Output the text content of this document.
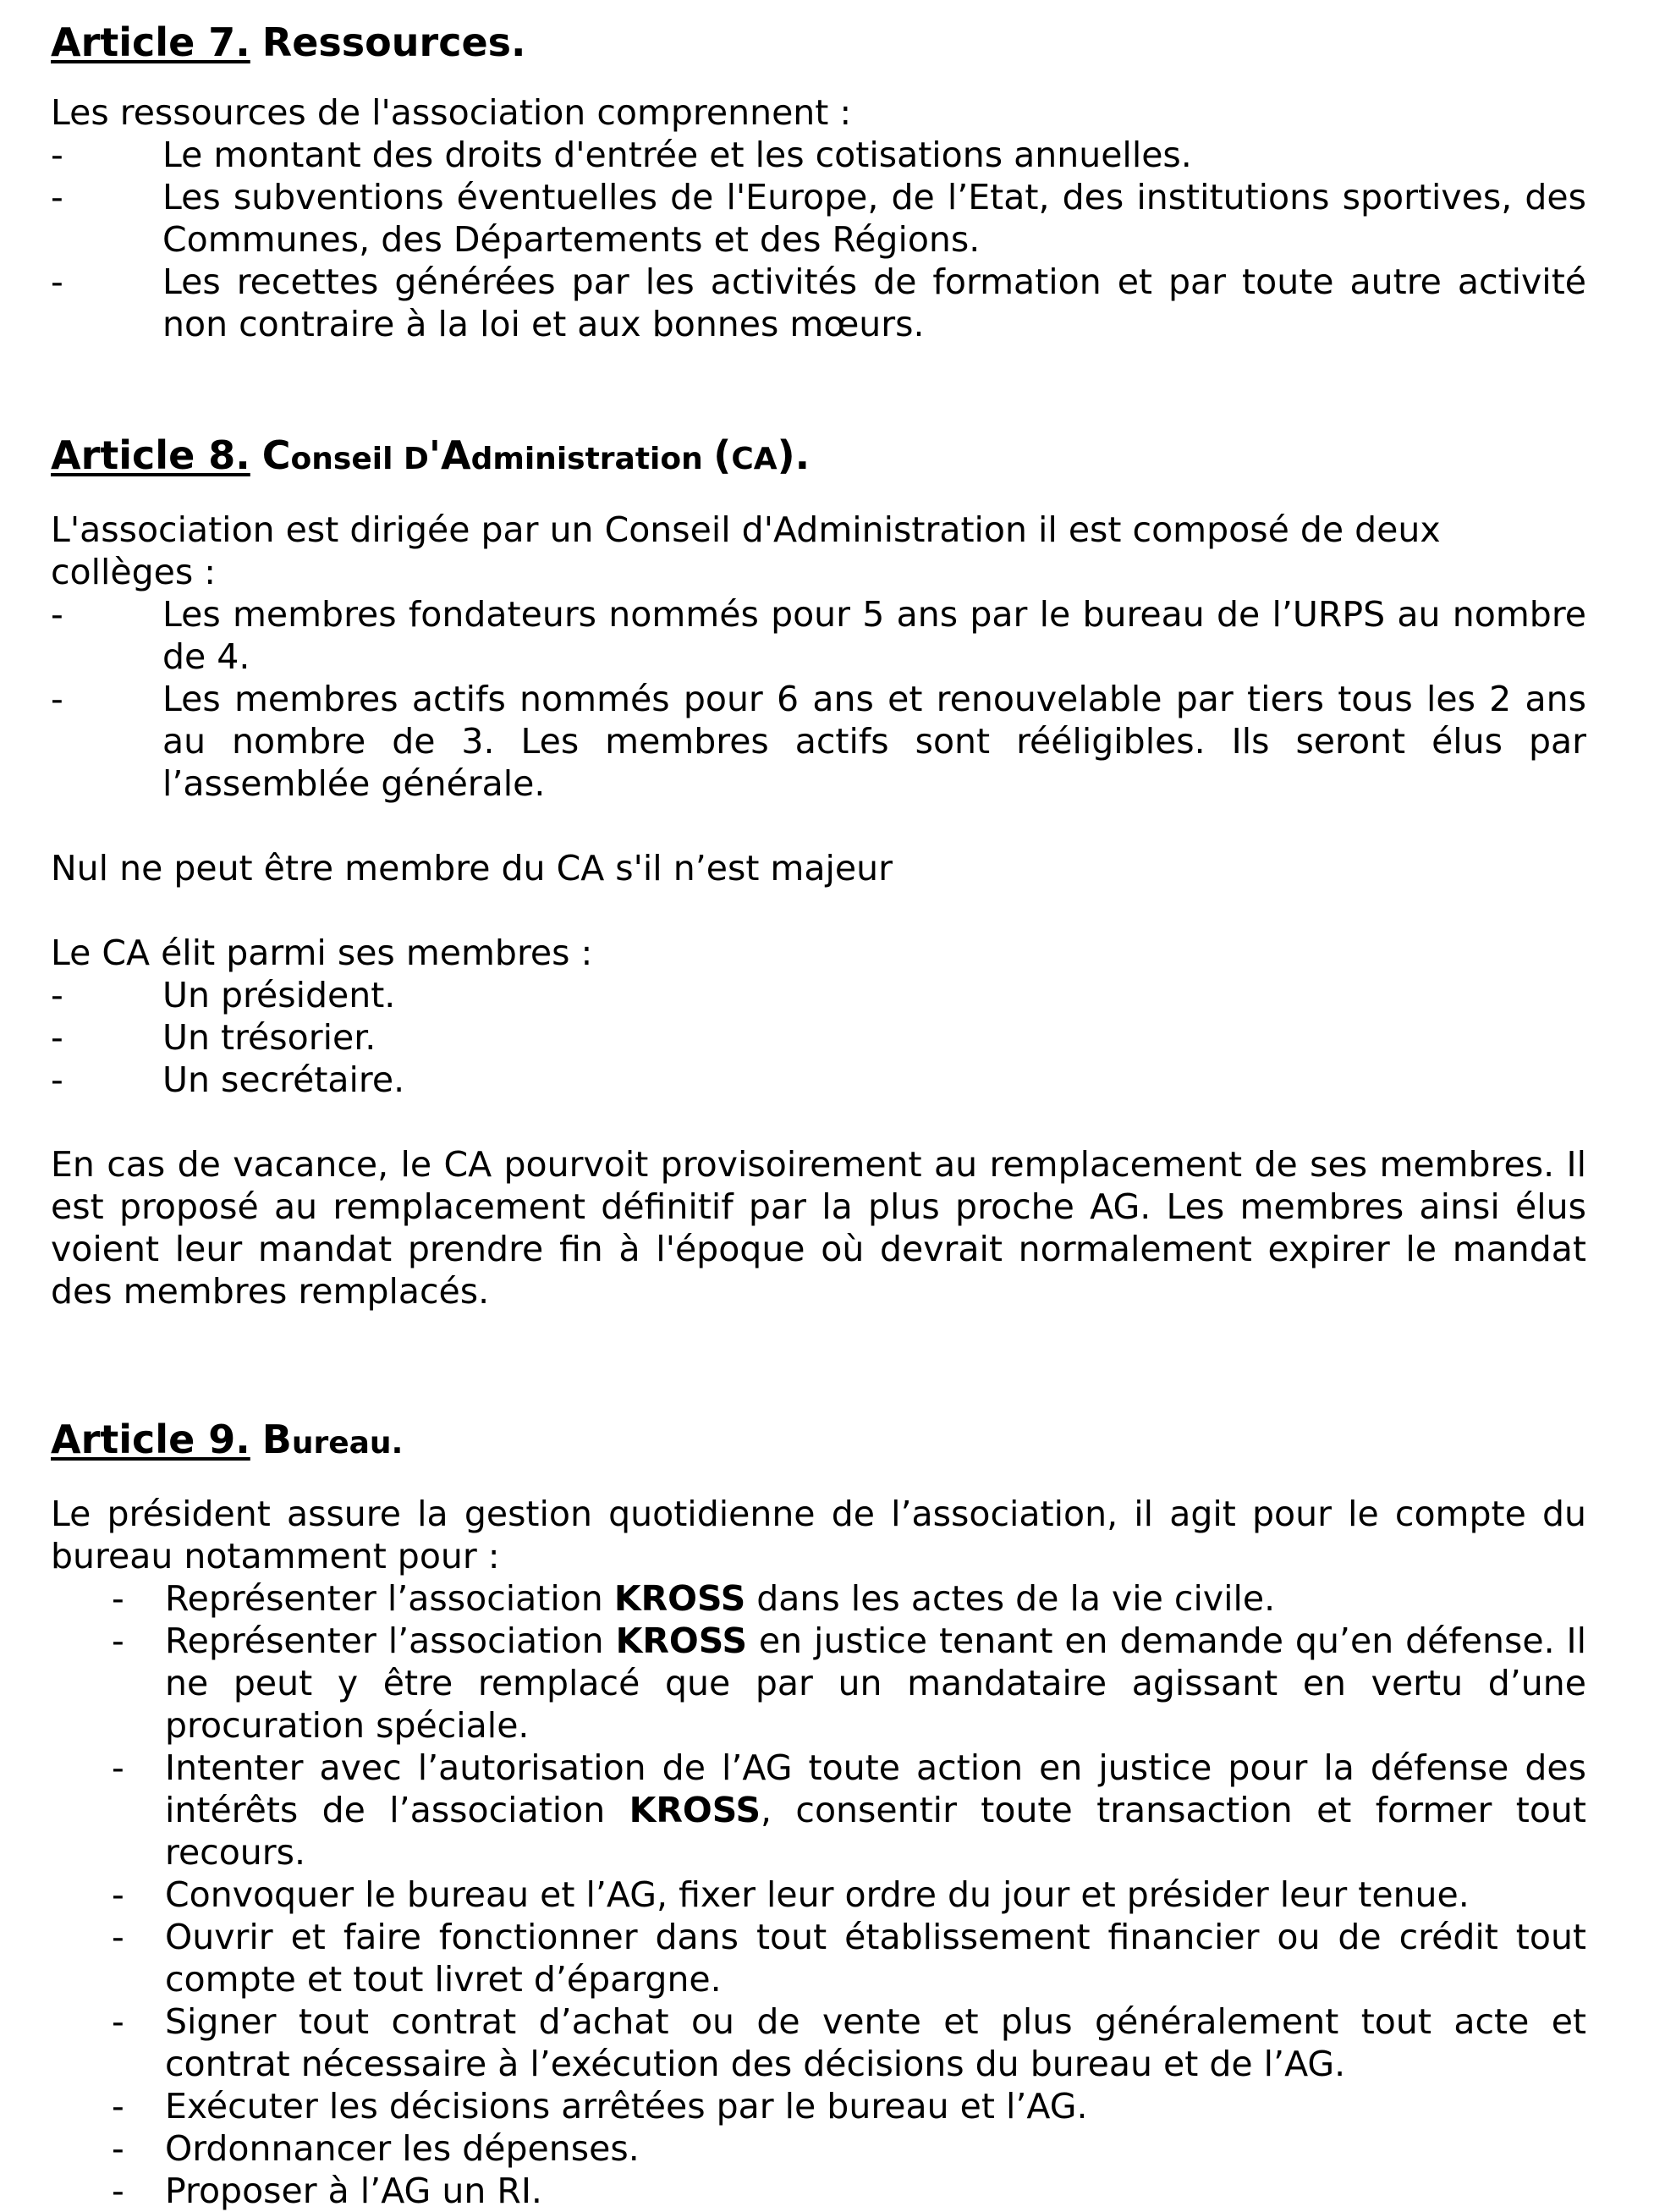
Article 7. Ressources.

Les ressources de l'association comprennent :

- Le montant des droits d'entrée et les cotisations annuelles.
- Les subventions éventuelles de l'Europe, de l’Etat, des institutions sportives, des Communes, des Départements et des Régions.
- Les recettes générées par les activités de formation et par toute autre activité non contraire à la loi et aux bonnes mœurs.
Article 8. Conseil D'Administration (CA).

L'association est dirigée par un Conseil d'Administration il est composé de deux collèges :

- Les membres fondateurs nommés pour 5 ans par le bureau de l’URPS au nombre de 4.
- Les membres actifs nommés pour 6 ans et renouvelable par tiers tous les 2 ans au nombre de 3. Les membres actifs sont rééligibles. Ils seront élus par l’assemblée générale.

Nul ne peut être membre du CA s'il n’est majeur

Le CA élit parmi ses membres :

- Un président.
- Un trésorier.
- Un secrétaire.

En cas de vacance, le CA pourvoit provisoirement au remplacement de ses membres. Il est proposé au remplacement définitif par la plus proche AG. Les membres ainsi élus voient leur mandat prendre fin à l'époque où devrait normalement expirer le mandat des membres remplacés.

Article 9. Bureau.

Le président assure la gestion quotidienne de l’association, il agit pour le compte du bureau notamment pour :

- Représenter l’association KROSS dans les actes de la vie civile.
- Représenter l’association KROSS en justice tenant en demande qu’en défense. Il ne peut y être remplacé que par un mandataire agissant en vertu d’une procuration spéciale.
- Intenter avec l’autorisation de l’AG toute action en justice pour la défense des intérêts de l’association KROSS, consentir toute transaction et former tout recours.
- Convoquer le bureau et l’AG, fixer leur ordre du jour et présider leur tenue.
- Ouvrir et faire fonctionner dans tout établissement financier ou de crédit tout compte et tout livret d’épargne.
- Signer tout contrat d’achat ou de vente et plus généralement tout acte et contrat nécessaire à l’exécution des décisions du bureau et de l’AG.
- Exécuter les décisions arrêtées par le bureau et l’AG.
- Ordonnancer les dépenses.
- Proposer à l’AG un RI.
